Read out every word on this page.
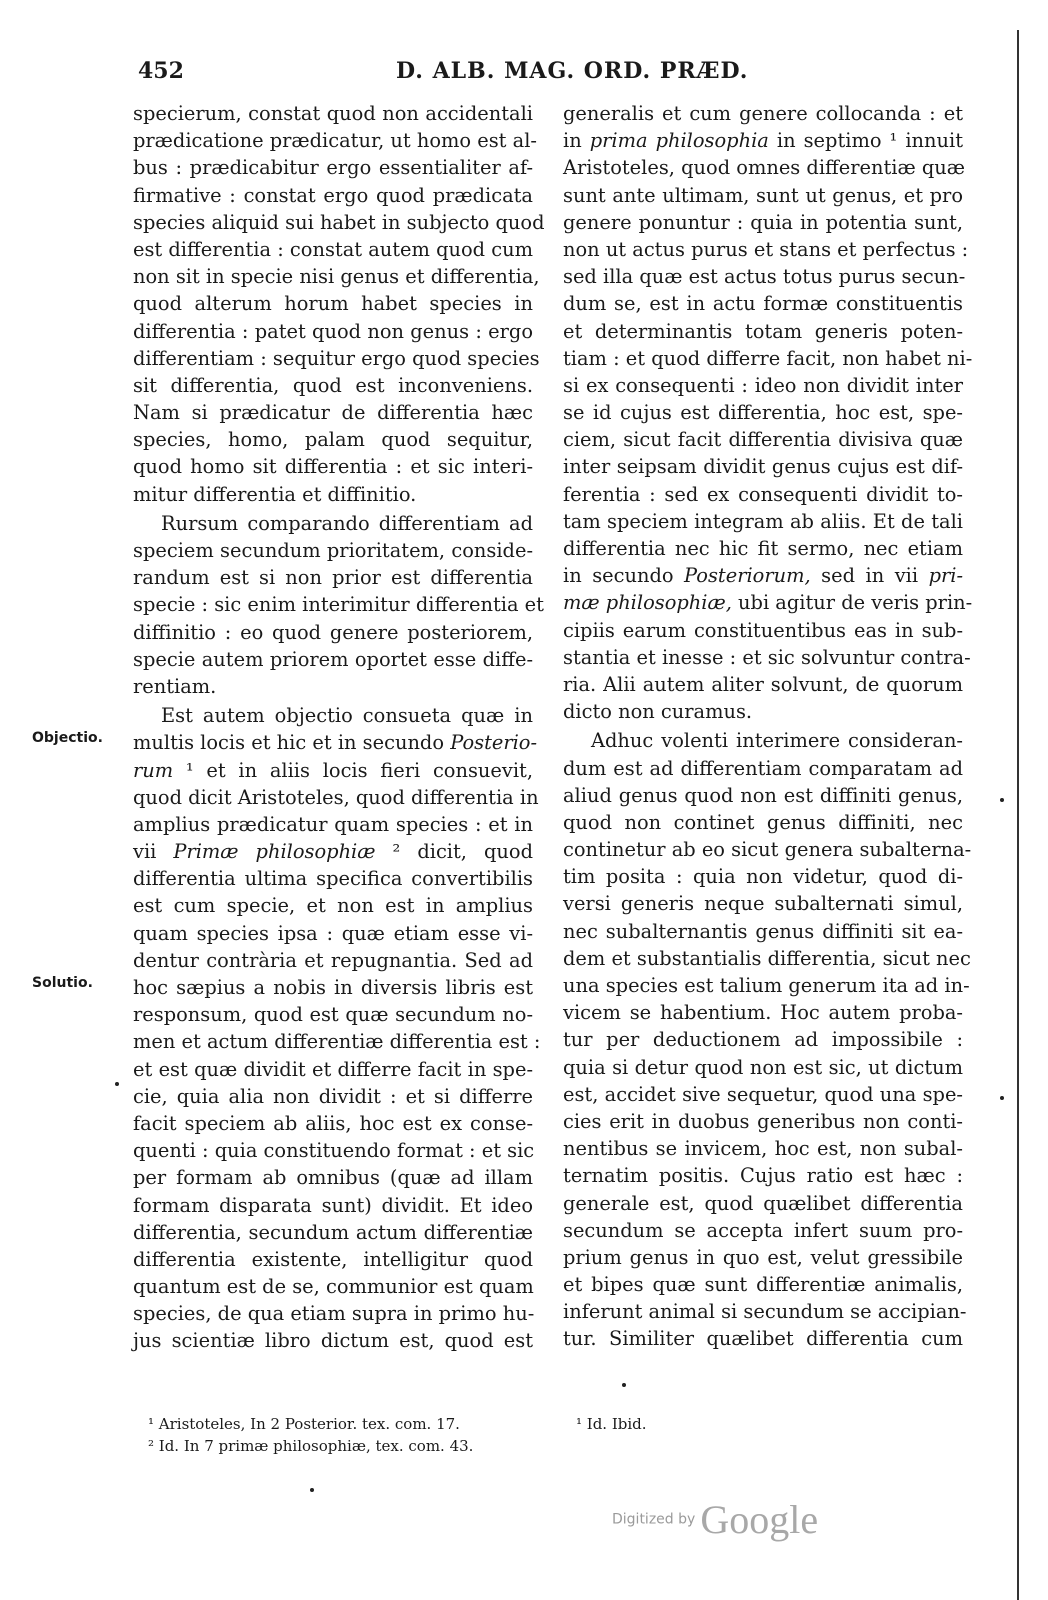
452	D. ALB. MAG. ORD. PRÆD.
Objectio.
Solutio.

specierum, constat quod non accidentali
prædicatione prædicatur, ut homo est al-
bus : prædicabitur ergo essentialiter af-
firmative : constat ergo quod prædicata
species aliquid sui habet in subjecto quod
est differentia : constat autem quod cum
non sit in specie nisi genus et differentia,
quod alterum horum habet species in
differentia : patet quod non genus : ergo
differentiam : sequitur ergo quod species
sit differentia, quod est inconveniens.
Nam si prædicatur de differentia hæc
species, homo, palam quod sequitur,
quod homo sit differentia : et sic interi-
mitur differentia et diffinitio.

Rursum comparando differentiam ad
speciem secundum prioritatem, conside-
randum est si non prior est differentia
specie : sic enim interimitur differentia et
diffinitio : eo quod genere posteriorem,
specie autem priorem oportet esse diffe-
rentiam.

Est autem objectio consueta quæ in
multis locis et hic et in secundo Posterio-
rum ¹ et in aliis locis fieri consuevit,
quod dicit Aristoteles, quod differentia in
amplius prædicatur quam species : et in
vii Primæ philosophiæ ² dicit, quod
differentia ultima specifica convertibilis
est cum specie, et non est in amplius
quam species ipsa : quæ etiam esse vi-
dentur contrària et repugnantia. Sed ad
hoc sæpius a nobis in diversis libris est
responsum, quod est quæ secundum no-
men et actum differentiæ differentia est :
et est quæ dividit et differre facit in spe-
cie, quia alia non dividit : et si differre
facit speciem ab aliis, hoc est ex conse-
quenti : quia constituendo format : et sic
per formam ab omnibus (quæ ad illam
formam disparata sunt) dividit. Et ideo
differentia, secundum actum differentiæ
differentia existente, intelligitur quod
quantum est de se, communior est quam
species, de qua etiam supra in primo hu-
jus scientiæ libro dictum est, quod est

generalis et cum genere collocanda : et
in prima philosophia in septimo ¹ innuit
Aristoteles, quod omnes differentiæ quæ
sunt ante ultimam, sunt ut genus, et pro
genere ponuntur : quia in potentia sunt,
non ut actus purus et stans et perfectus :
sed illa quæ est actus totus purus secun-
dum se, est in actu formæ constituentis
et determinantis totam generis poten-
tiam : et quod differre facit, non habet ni-
si ex consequenti : ideo non dividit inter
se id cujus est differentia, hoc est, spe-
ciem, sicut facit differentia divisiva quæ
inter seipsam dividit genus cujus est dif-
ferentia : sed ex consequenti dividit to-
tam speciem integram ab aliis. Et de tali
differentia nec hic fit sermo, nec etiam
in secundo Posteriorum, sed in vii pri-
mæ philosophiæ, ubi agitur de veris prin-
cipiis earum constituentibus eas in sub-
stantia et inesse : et sic solvuntur contra-
ria. Alii autem aliter solvunt, de quorum
dicto non curamus.

Adhuc volenti interimere consideran-
dum est ad differentiam comparatam ad
aliud genus quod non est diffiniti genus,
quod non continet genus diffiniti, nec
continetur ab eo sicut genera subalterna-
tim posita : quia non videtur, quod di-
versi generis neque subalternati simul,
nec subalternantis genus diffiniti sit ea-
dem et substantialis differentia, sicut nec
una species est talium generum ita ad in-
vicem se habentium. Hoc autem proba-
tur per deductionem ad impossibile :
quia si detur quod non est sic, ut dictum
est, accidet sive sequetur, quod una spe-
cies erit in duobus generibus non conti-
nentibus se invicem, hoc est, non subal-
ternatim positis. Cujus ratio est hæc :
generale est, quod quælibet differentia
secundum se accepta infert suum pro-
prium genus in quo est, velut gressibile
et bipes quæ sunt differentiæ animalis,
inferunt animal si secundum se accipian-
tur. Similiter quælibet differentia cum

¹ Aristoteles, In 2 Posterior. tex. com. 17.
² Id. In 7 primæ philosophiæ, tex. com. 43.
¹ Id. Ibid.
Digitized by Google
